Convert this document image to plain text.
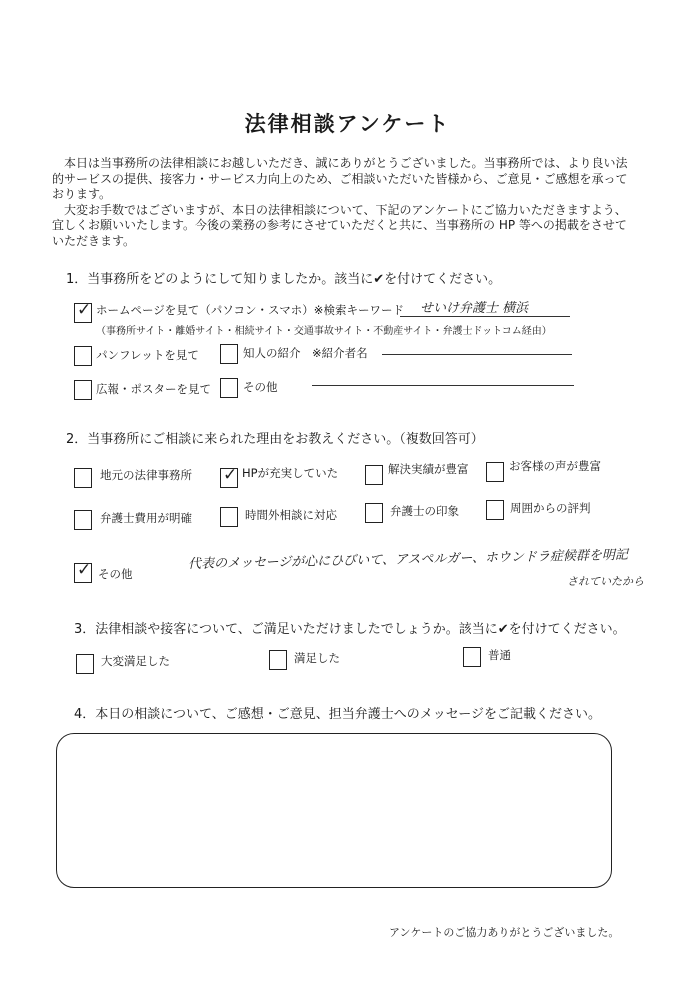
法律相談アンケート

本日は当事務所の法律相談にお越しいただき、誠にありがとうございました。当事務所では、より良い法的サービスの提供、接客力・サービス力向上のため、ご相談いただいた皆様から、ご意見・ご感想を承っております。

大変お手数ではございますが、本日の法律相談について、下記のアンケートにご協力いただきますよう、宜しくお願いいたします。今後の業務の参考にさせていただくと共に、当事務所の HP 等への掲載をさせていただきます。

1．当事務所をどのようにして知りましたか。該当に✔を付けてください。
✓ ホームページを見て（パソコン・スマホ）※検索キーワード せいけ弁護士 横浜
（事務所サイト・離婚サイト・相続サイト・交通事故サイト・不動産サイト・弁護士ドットコム経由）
パンフレットを見て	知人の紹介 ※紹介者名
広報・ポスターを見て	その他
2．当事務所にご相談に来られた理由をお教えください。（複数回答可）
地元の法律事務所 ✓ HPが充実していた	解決実績が豊富	お客様の声が豊富
弁護士費用が明確	時間外相談に対応	弁護士の印象	周囲からの評判
✓ その他
代表のメッセージが心にひびいて、アスペルガー、ホウンドラ症候群を明記
されていたから
3．法律相談や接客について、ご満足いただけましたでしょうか。該当に✔を付けてください。
大変満足した	満足した	普通
4．本日の相談について、ご感想・ご意見、担当弁護士へのメッセージをご記載ください。
アンケートのご協力ありがとうございました。
